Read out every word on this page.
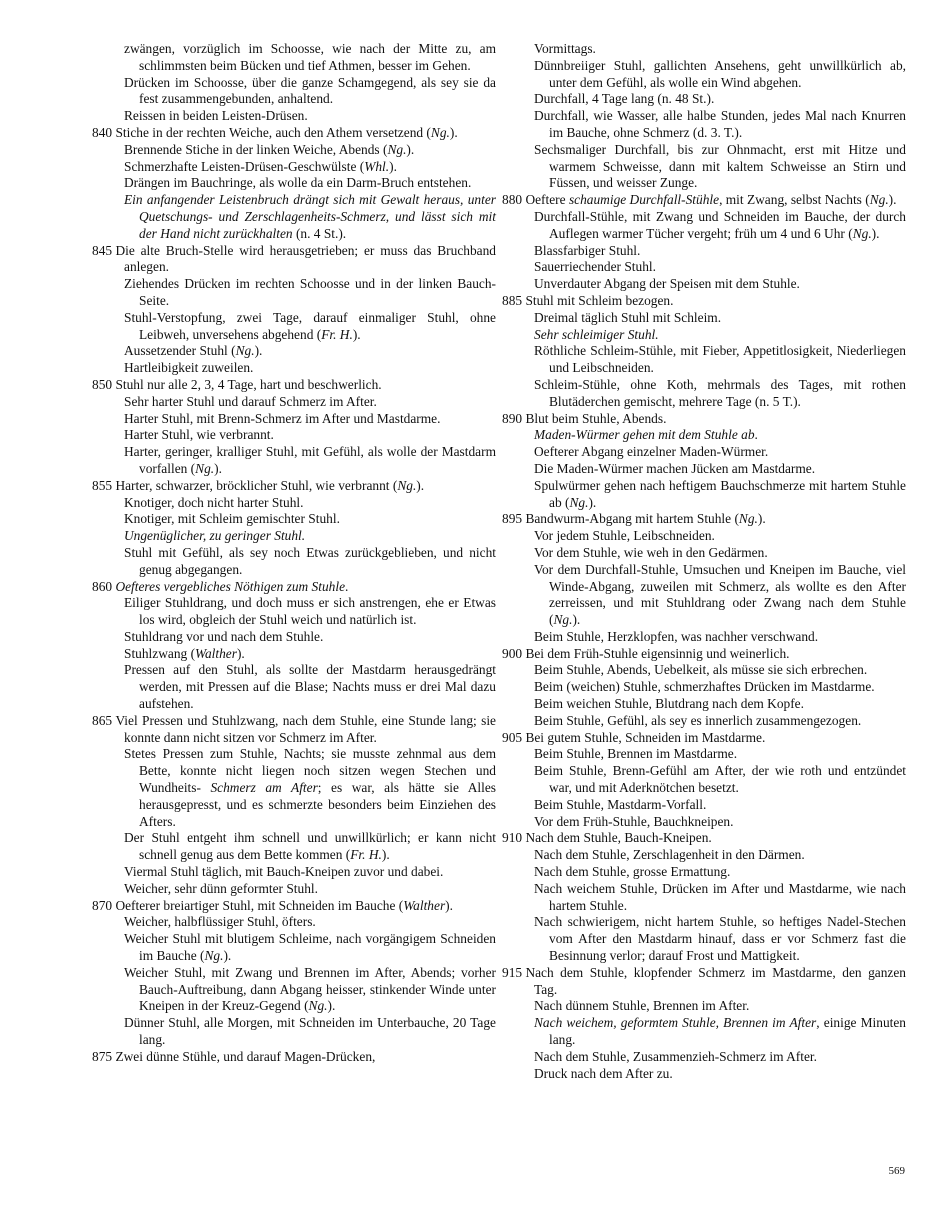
zwängen, vorzüglich im Schoosse, wie nach der Mitte zu, am schlimmsten beim Bücken und tief Athmen, besser im Gehen.
Drücken im Schoosse, über die ganze Schamgegend, als sey sie da fest zusammengebunden, anhaltend.
Reissen in beiden Leisten-Drüsen.
840 Stiche in der rechten Weiche, auch den Athem versetzend (Ng.).
Brennende Stiche in der linken Weiche, Abends (Ng.).
Schmerzhafte Leisten-Drüsen-Geschwülste (Whl.).
Drängen im Bauchringe, als wolle da ein Darm-Bruch entstehen.
Ein anfangender Leistenbruch drängt sich mit Gewalt heraus, unter Quetschungs- und Zerschlagenheits-Schmerz, und lässt sich mit der Hand nicht zurückhalten (n. 4 St.).
845 Die alte Bruch-Stelle wird herausgetrieben; er muss das Bruchband anlegen.
Ziehendes Drücken im rechten Schoosse und in der linken Bauch-Seite.
Stuhl-Verstopfung, zwei Tage, darauf einmaliger Stuhl, ohne Leibweh, unversehens abgehend (Fr. H.).
Aussetzender Stuhl (Ng.).
Hartleibigkeit zuweilen.
850 Stuhl nur alle 2, 3, 4 Tage, hart und beschwerlich.
Sehr harter Stuhl und darauf Schmerz im After.
Harter Stuhl, mit Brenn-Schmerz im After und Mastdarme.
Harter Stuhl, wie verbrannt.
Harter, geringer, kralliger Stuhl, mit Gefühl, als wolle der Mastdarm vorfallen (Ng.).
855 Harter, schwarzer, bröcklicher Stuhl, wie verbrannt (Ng.).
Knotiger, doch nicht harter Stuhl.
Knotiger, mit Schleim gemischter Stuhl.
Ungenüglicher, zu geringer Stuhl.
Stuhl mit Gefühl, als sey noch Etwas zurückgeblieben, und nicht genug abgegangen.
860 Oefteres vergebliches Nöthigen zum Stuhle.
Eiliger Stuhldrang, und doch muss er sich anstrengen, ehe er Etwas los wird, obgleich der Stuhl weich und natürlich ist.
Stuhldrang vor und nach dem Stuhle.
Stuhlzwang (Walther).
Pressen auf den Stuhl, als sollte der Mastdarm herausgedrängt werden, mit Pressen auf die Blase; Nachts muss er drei Mal dazu aufstehen.
865 Viel Pressen und Stuhlzwang, nach dem Stuhle, eine Stunde lang; sie konnte dann nicht sitzen vor Schmerz im After.
Stetes Pressen zum Stuhle, Nachts; sie musste zehnmal aus dem Bette, konnte nicht liegen noch sitzen wegen Stechen und Wundheits- Schmerz am After; es war, als hätte sie Alles herausgepresst, und es schmerzte besonders beim Einziehen des Afters.
Der Stuhl entgeht ihm schnell und unwillkürlich; er kann nicht schnell genug aus dem Bette kommen (Fr. H.).
Viermal Stuhl täglich, mit Bauch-Kneipen zuvor und dabei.
Weicher, sehr dünn geformter Stuhl.
870 Oefterer breiartiger Stuhl, mit Schneiden im Bauche (Walther).
Weicher, halbflüssiger Stuhl, öfters.
Weicher Stuhl mit blutigem Schleime, nach vorgängigem Schneiden im Bauche (Ng.).
Weicher Stuhl, mit Zwang und Brennen im After, Abends; vorher Bauch-Auftreibung, dann Abgang heisser, stinkender Winde unter Kneipen in der Kreuz-Gegend (Ng.).
Dünner Stuhl, alle Morgen, mit Schneiden im Unterbauche, 20 Tage lang.
875 Zwei dünne Stühle, und darauf Magen-Drücken,
Vormittags.
Dünnbreiiger Stuhl, gallichten Ansehens, geht unwillkürlich ab, unter dem Gefühl, als wolle ein Wind abgehen.
Durchfall, 4 Tage lang (n. 48 St.).
Durchfall, wie Wasser, alle halbe Stunden, jedes Mal nach Knurren im Bauche, ohne Schmerz (d. 3. T.).
Sechsmaliger Durchfall, bis zur Ohnmacht, erst mit Hitze und warmem Schweisse, dann mit kaltem Schweisse an Stirn und Füssen, und weisser Zunge.
880 Oeftere schaumige Durchfall-Stühle, mit Zwang, selbst Nachts (Ng.).
Durchfall-Stühle, mit Zwang und Schneiden im Bauche, der durch Auflegen warmer Tücher vergeht; früh um 4 und 6 Uhr (Ng.).
Blassfarbiger Stuhl.
Sauerriechender Stuhl.
Unverdauter Abgang der Speisen mit dem Stuhle.
885 Stuhl mit Schleim bezogen.
Dreimal täglich Stuhl mit Schleim.
Sehr schleimiger Stuhl.
Röthliche Schleim-Stühle, mit Fieber, Appetitlosigkeit, Niederliegen und Leibschneiden.
Schleim-Stühle, ohne Koth, mehrmals des Tages, mit rothen Blutäderchen gemischt, mehrere Tage (n. 5 T.).
890 Blut beim Stuhle, Abends.
Maden-Würmer gehen mit dem Stuhle ab.
Oefterer Abgang einzelner Maden-Würmer.
Die Maden-Würmer machen Jücken am Mastdarme.
Spulwürmer gehen nach heftigem Bauchschmerze mit hartem Stuhle ab (Ng.).
895 Bandwurm-Abgang mit hartem Stuhle (Ng.).
Vor jedem Stuhle, Leibschneiden.
Vor dem Stuhle, wie weh in den Gedärmen.
Vor dem Durchfall-Stuhle, Umsuchen und Kneipen im Bauche, viel Winde-Abgang, zuweilen mit Schmerz, als wollte es den After zerreissen, und mit Stuhldrang oder Zwang nach dem Stuhle (Ng.).
Beim Stuhle, Herzklopfen, was nachher verschwand.
900 Bei dem Früh-Stuhle eigensinnig und weinerlich.
Beim Stuhle, Abends, Uebelkeit, als müsse sie sich erbrechen.
Beim (weichen) Stuhle, schmerzhaftes Drücken im Mastdarme.
Beim weichen Stuhle, Blutdrang nach dem Kopfe.
Beim Stuhle, Gefühl, als sey es innerlich zusammengezogen.
905 Bei gutem Stuhle, Schneiden im Mastdarme.
Beim Stuhle, Brennen im Mastdarme.
Beim Stuhle, Brenn-Gefühl am After, der wie roth und entzündet war, und mit Aderknötchen besetzt.
Beim Stuhle, Mastdarm-Vorfall.
Vor dem Früh-Stuhle, Bauchkneipen.
910 Nach dem Stuhle, Bauch-Kneipen.
Nach dem Stuhle, Zerschlagenheit in den Därmen.
Nach dem Stuhle, grosse Ermattung.
Nach weichem Stuhle, Drücken im After und Mastdarme, wie nach hartem Stuhle.
Nach schwierigem, nicht hartem Stuhle, so heftiges Nadel-Stechen vom After den Mastdarm hinauf, dass er vor Schmerz fast die Besinnung verlor; darauf Frost und Mattigkeit.
915 Nach dem Stuhle, klopfender Schmerz im Mastdarme, den ganzen Tag.
Nach dünnem Stuhle, Brennen im After.
Nach weichem, geformtem Stuhle, Brennen im After, einige Minuten lang.
Nach dem Stuhle, Zusammenzieh-Schmerz im After.
Druck nach dem After zu.
569
